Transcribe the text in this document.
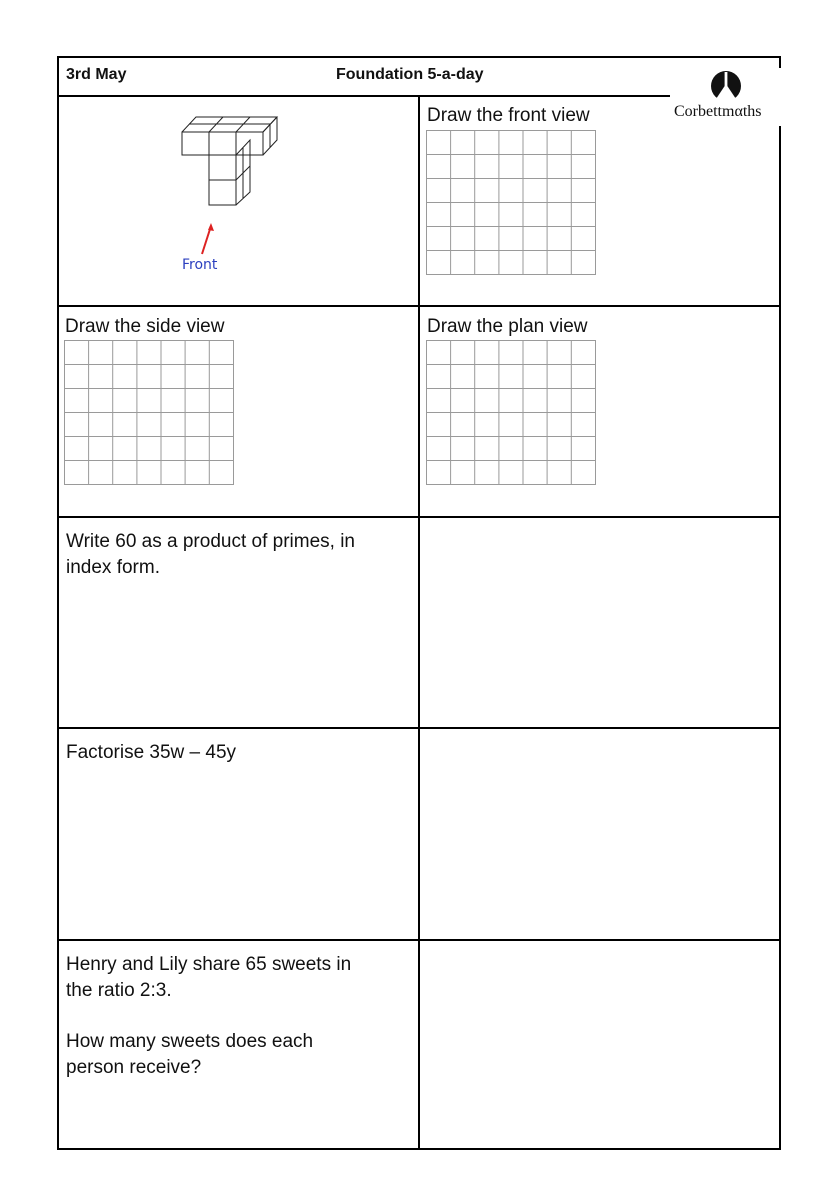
3rd May	Foundation 5-a-day
Corbettmαths
Front
Draw the front view
Draw the side view	Draw the plan view
Write 60 as a product of primes, in
index form.
Factorise 35w – 45y
Henry and Lily share 65 sweets in
the ratio 2:3.
How many sweets does each
person receive?
